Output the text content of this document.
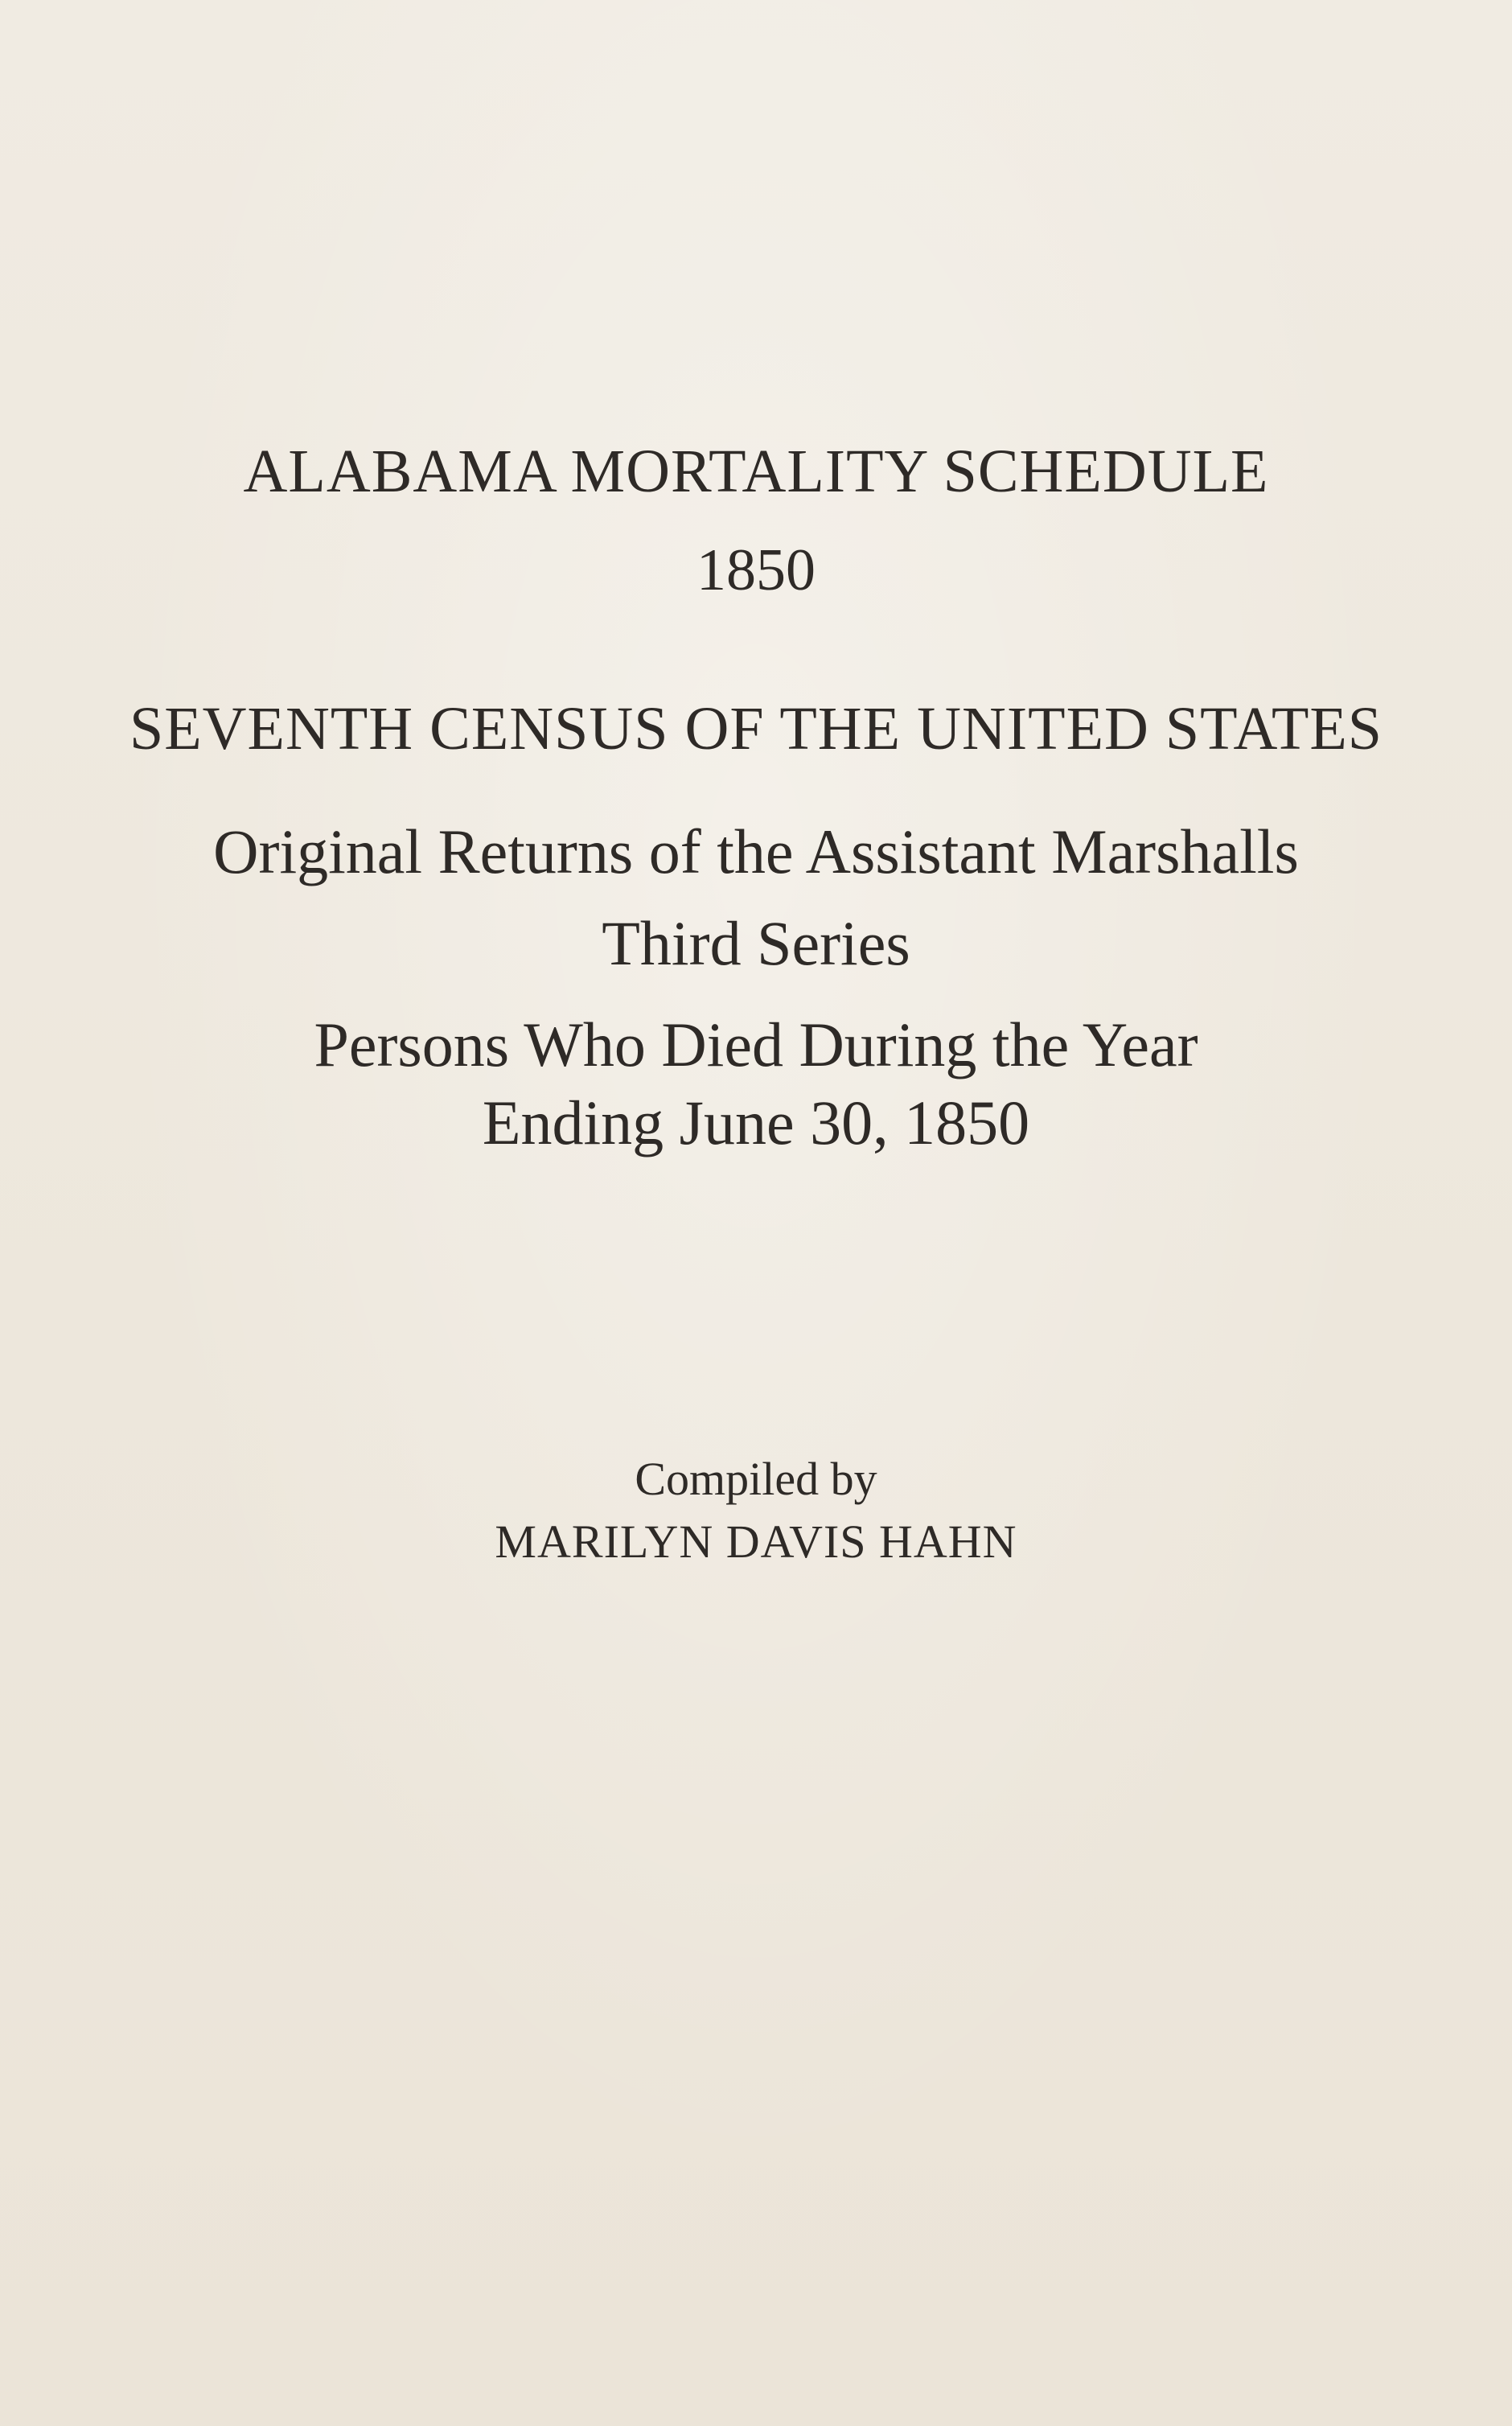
ALABAMA MORTALITY SCHEDULE
1850
SEVENTH CENSUS OF THE UNITED STATES
Original Returns of the Assistant Marshalls
Third Series
Persons Who Died During the Year
Ending June 30, 1850
Compiled by
MARILYN DAVIS HAHN
